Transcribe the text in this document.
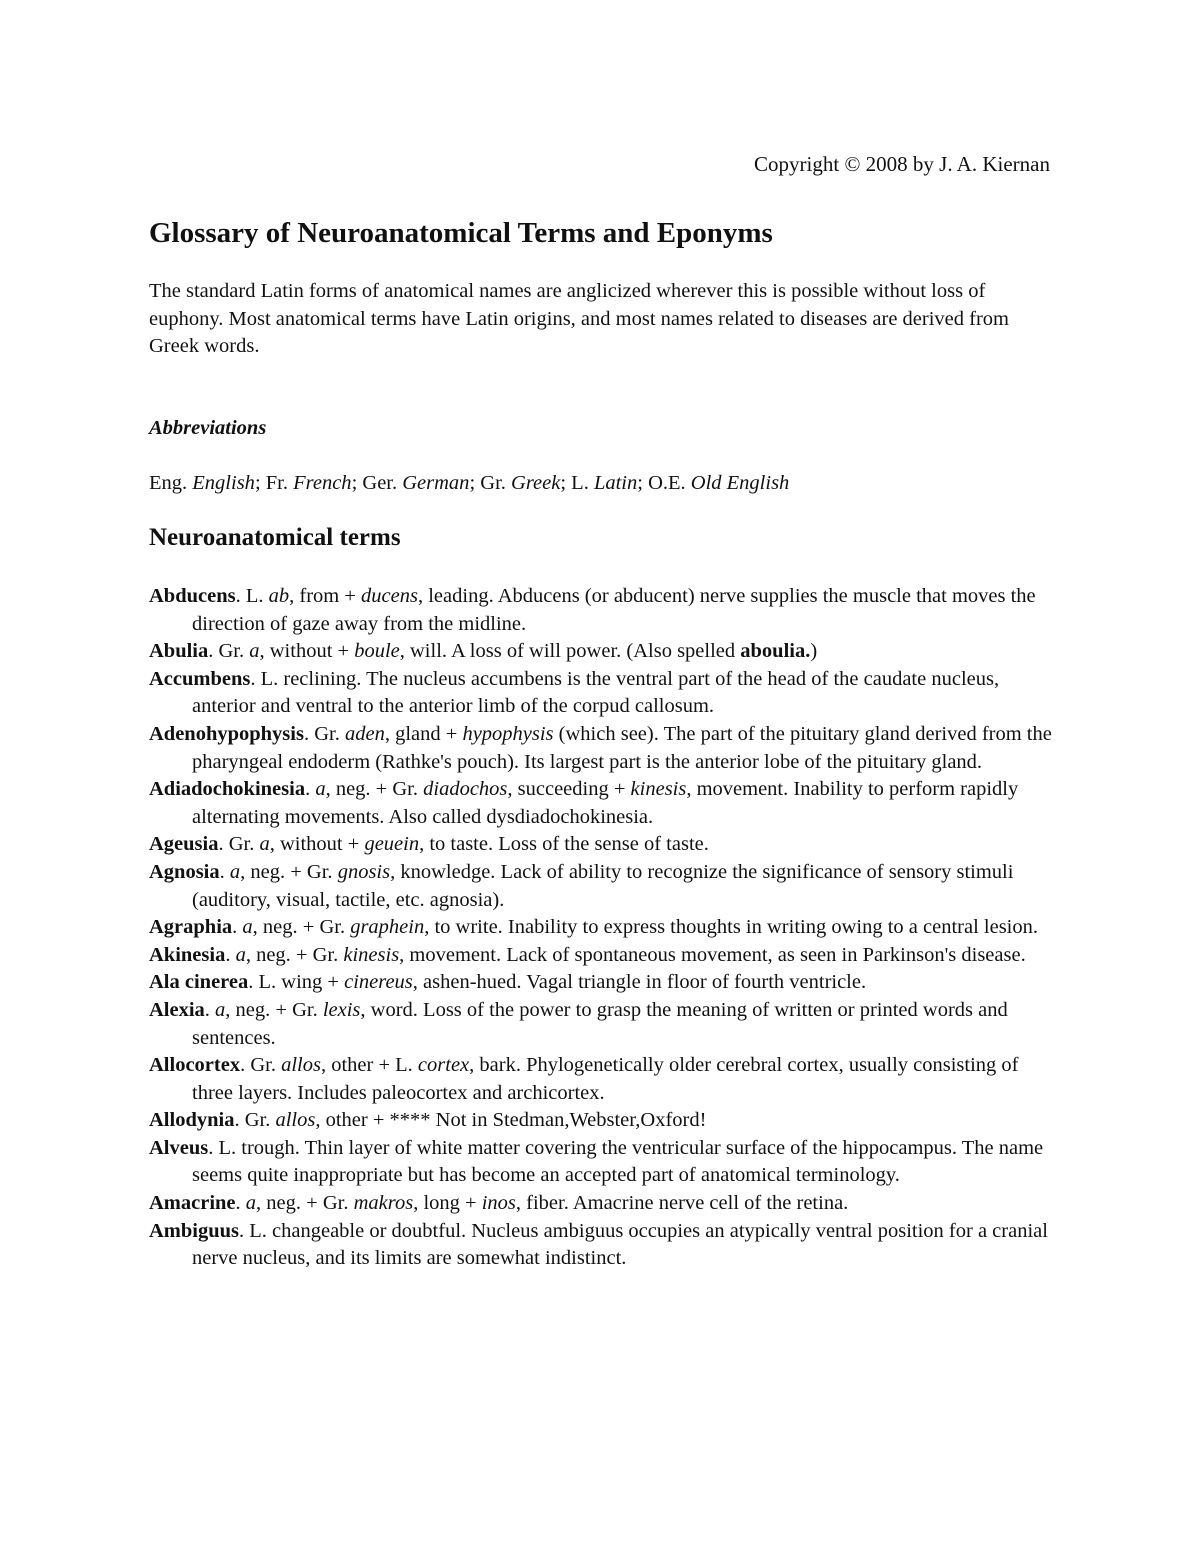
Copyright © 2008 by J. A. Kiernan

Glossary of Neuroanatomical Terms and Eponyms

The standard Latin forms of anatomical names are anglicized wherever this is possible without loss of euphony. Most anatomical terms have Latin origins, and most names related to diseases are derived from Greek words.

Abbreviations

Eng. English; Fr. French; Ger. German; Gr. Greek; L. Latin; O.E. Old English

Neuroanatomical terms
Abducens. L. ab, from + ducens, leading. Abducens (or abducent) nerve supplies the muscle that moves the direction of gaze away from the midline.
Abulia. Gr. a, without + boule, will. A loss of will power. (Also spelled aboulia.)
Accumbens. L. reclining. The nucleus accumbens is the ventral part of the head of the caudate nucleus, anterior and ventral to the anterior limb of the corpud callosum.
Adenohypophysis. Gr. aden, gland + hypophysis (which see). The part of the pituitary gland derived from the pharyngeal endoderm (Rathke's pouch). Its largest part is the anterior lobe of the pituitary gland.
Adiadochokinesia. a, neg. + Gr. diadochos, succeeding + kinesis, movement. Inability to perform rapidly alternating movements. Also called dysdiadochokinesia.
Ageusia. Gr. a, without + geuein, to taste. Loss of the sense of taste.
Agnosia. a, neg. + Gr. gnosis, knowledge. Lack of ability to recognize the significance of sensory stimuli (auditory, visual, tactile, etc. agnosia).
Agraphia. a, neg. + Gr. graphein, to write. Inability to express thoughts in writing owing to a central lesion.
Akinesia. a, neg. + Gr. kinesis, movement. Lack of spontaneous movement, as seen in Parkinson's disease.
Ala cinerea. L. wing + cinereus, ashen-hued. Vagal triangle in floor of fourth ventricle.
Alexia. a, neg. + Gr. lexis, word. Loss of the power to grasp the meaning of written or printed words and sentences.
Allocortex. Gr. allos, other + L. cortex, bark. Phylogenetically older cerebral cortex, usually consisting of three layers. Includes paleocortex and archicortex.
Allodynia. Gr. allos, other + **** Not in Stedman,Webster,Oxford!
Alveus. L. trough. Thin layer of white matter covering the ventricular surface of the hippocampus. The name seems quite inappropriate but has become an accepted part of anatomical terminology.
Amacrine. a, neg. + Gr. makros, long + inos, fiber. Amacrine nerve cell of the retina.
Ambiguus. L. changeable or doubtful. Nucleus ambiguus occupies an atypically ventral position for a cranial nerve nucleus, and its limits are somewhat indistinct.
